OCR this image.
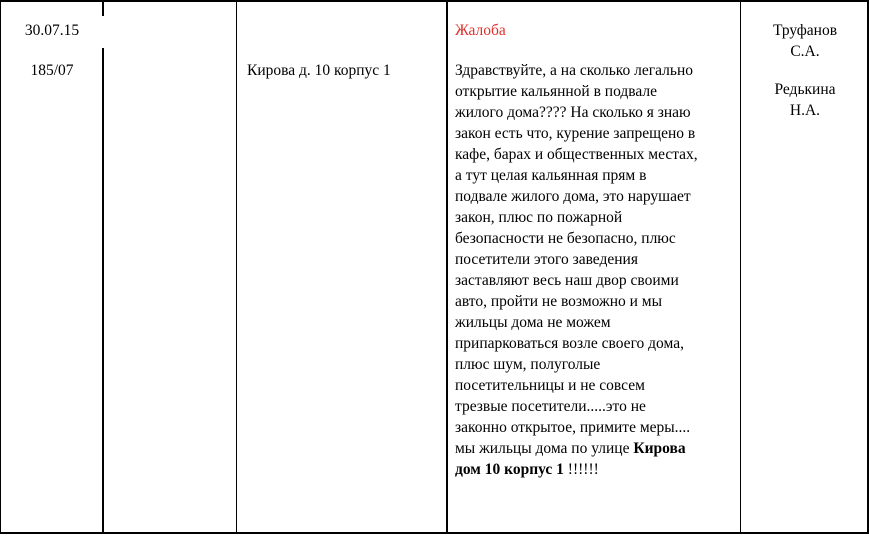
30.07.15
185/07	Кирова д. 10 корпус 1
Жалоба
Здравствуйте, а на сколько легально
открытие кальянной в подвале
жилого дома???? На сколько я знаю
закон есть что, курение запрещено в
кафе, барах и общественных местах,
а тут целая кальянная прям в
подвале жилого дома, это нарушает
закон, плюс по пожарной
безопасности не безопасно, плюс
посетители этого заведения
заставляют весь наш двор своими
авто, пройти не возможно и мы
жильцы дома не можем
припарковаться возле своего дома,
плюс шум, полуголые
посетительницы и не совсем
трезвые посетители.....это не
законно открытое, примите меры....
мы жильцы дома по улице Кирова
дом 10 корпус 1 !!!!!!
Труфанов
С.А.
Редькина
Н.А.
